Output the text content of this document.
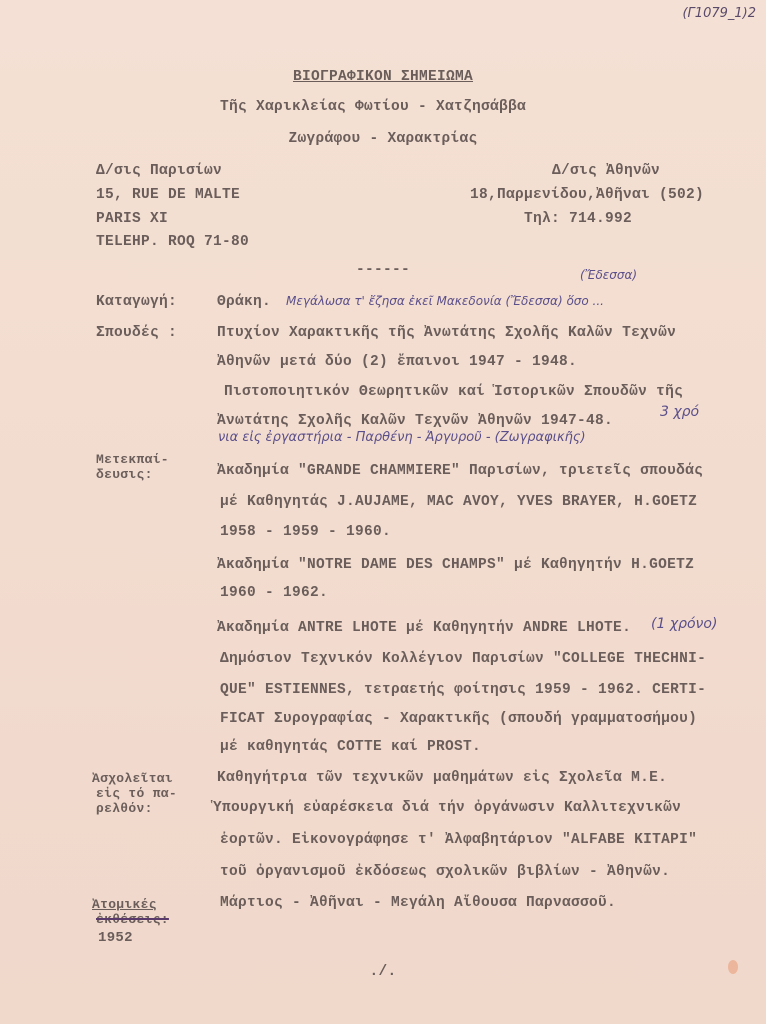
(Γ1079_1)2
ΒΙΟΓΡΑΦΙΚΟΝ ΣΗΜΕΙΩΜΑ
Τῆς Χαρικλείας Φωτίου - Χατζησάββα
Ζωγράφου - Χαρακτρίας
Δ/σις Παρισίων
15, RUE DE MALTE
PARIS XI
TELEHP. ROQ 71-80
Δ/σις Ἀθηνῶν
18,Παρμενίδου,Ἀθῆναι (502)
Τηλ: 714.992
------
Καταγωγή:	Θράκη. Μεγάλωσα τ' ἔζησα ἐκεῖ Μακεδονία (Ἔδεσσα) ὅσο ...
(Ἔδεσσα)
Σπουδές :	Πτυχίον Χαρακτικῆς τῆς Ἀνωτάτης Σχολῆς Καλῶν Τεχνῶν
Ἀθηνῶν μετά δύο (2) ἔπαινοι 1947 - 1948.
Πιστοποιητικόν Θεωρητικῶν καί Ἱστορικῶν Σπουδῶν τῆς
Ἀνωτάτης Σχολῆς Καλῶν Τεχνῶν Ἀθηνῶν 1947-48.
3 χρό
νια εἰς ἐργαστήρια - Παρθένη - Ἀργυροῦ - (Ζωγραφικῆς)
Μετεκπαί-
δευσις:	Ἀκαδημία "GRANDE CHAMMIERE" Παρισίων, τριετεῖς σπουδάς
μέ Καθηγητάς J.AUJAME, MAC AVOY, YVES BRAYER, H.GOETZ
1958 - 1959 - 1960.
Ἀκαδημία "NOTRE DAME DES CHAMPS" μέ Καθηγητήν H.GOETZ
1960 - 1962.
Ἀκαδημία ANTRE LHOTE μέ Καθηγητήν ANDRE LHOTE. (1 χρόνο)
Δημόσιον Τεχνικόν Κολλέγιον Παρισίων "COLLEGE THECHNI-
QUE" ESTIENNES, τετραετής φοίτησις 1959 - 1962. CERTI-
FICAT Συρογραφίας - Χαρακτικῆς (σπουδή γραμματοσήμου)
μέ καθηγητάς COTTE καί PROST.
Ἀσχολεῖται
εἰς τό πα-
ρελθόν:
Καθηγήτρια τῶν τεχνικῶν μαθημάτων εἰς Σχολεῖα Μ.Ε.
Ὑπουργική εὐαρέσκεια διά τήν ὀργάνωσιν Καλλιτεχνικῶν
ἑορτῶν. Εἰκονογράφησε τ' Ἀλφαβητάριον "ALFABE KITAPI"
τοῦ ὀργανισμοῦ ἐκδόσεως σχολικῶν βιβλίων - Ἀθηνῶν.
Ἀτομικές
ἐκθέσεις:
1952
Μάρτιος - Ἀθῆναι - Μεγάλη Αἴθουσα Παρνασσοῦ.
./.
